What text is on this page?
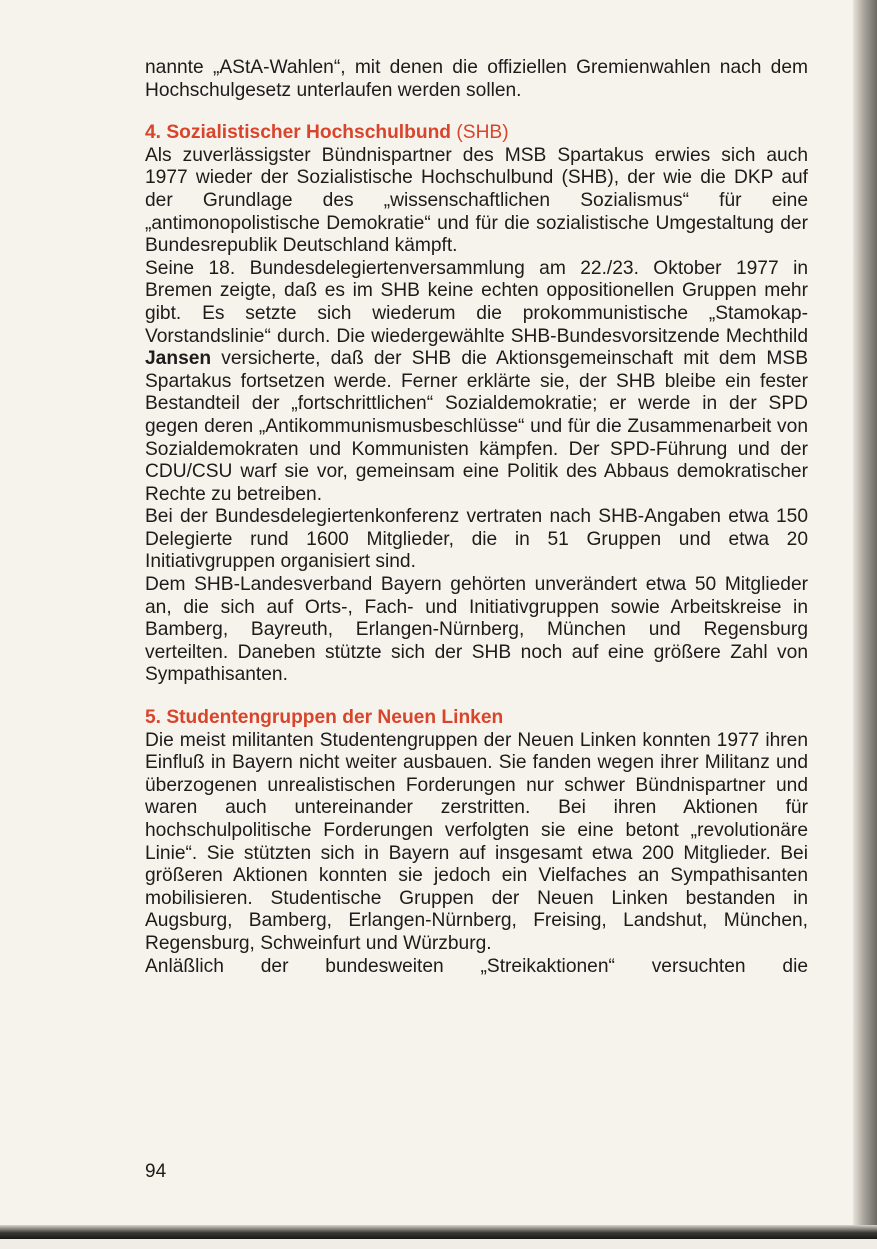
nannte „AStA-Wahlen“, mit denen die offiziellen Gremienwahlen nach dem Hochschulgesetz unterlaufen werden sollen.

4. Sozialistischer Hochschulbund (SHB)

Als zuverlässigster Bündnispartner des MSB Spartakus erwies sich auch 1977 wieder der Sozialistische Hochschulbund (SHB), der wie die DKP auf der Grundlage des „wissenschaftlichen Sozialismus“ für eine „antimonopolistische Demokratie“ und für die sozialistische Umgestaltung der Bundesrepublik Deutschland kämpft.

Seine 18. Bundesdelegiertenversammlung am 22./23. Oktober 1977 in Bremen zeigte, daß es im SHB keine echten oppositionellen Gruppen mehr gibt. Es setzte sich wiederum die prokommunistische „Stamokap-Vorstandslinie“ durch. Die wiedergewählte SHB-Bundesvorsitzende Mechthild Jansen versicherte, daß der SHB die Aktionsgemeinschaft mit dem MSB Spartakus fortsetzen werde. Ferner erklärte sie, der SHB bleibe ein fester Bestandteil der „fortschrittlichen“ Sozialdemokratie; er werde in der SPD gegen deren „Antikommunismusbeschlüsse“ und für die Zusammenarbeit von Sozialdemokraten und Kommunisten kämpfen. Der SPD-Führung und der CDU/CSU warf sie vor, gemeinsam eine Politik des Abbaus demokratischer Rechte zu betreiben.

Bei der Bundesdelegiertenkonferenz vertraten nach SHB-Angaben etwa 150 Delegierte rund 1600 Mitglieder, die in 51 Gruppen und etwa 20 Initiativgruppen organisiert sind.

Dem SHB-Landesverband Bayern gehörten unverändert etwa 50 Mitglieder an, die sich auf Orts-, Fach- und Initiativgruppen sowie Arbeitskreise in Bamberg, Bayreuth, Erlangen-Nürnberg, München und Regensburg verteilten. Daneben stützte sich der SHB noch auf eine größere Zahl von Sympathisanten.

5. Studentengruppen der Neuen Linken

Die meist militanten Studentengruppen der Neuen Linken konnten 1977 ihren Einfluß in Bayern nicht weiter ausbauen. Sie fanden wegen ihrer Militanz und überzogenen unrealistischen Forderungen nur schwer Bündnispartner und waren auch untereinander zerstritten. Bei ihren Aktionen für hochschulpolitische Forderungen verfolgten sie eine betont „revolutionäre Linie“. Sie stützten sich in Bayern auf insgesamt etwa 200 Mitglieder. Bei größeren Aktionen konnten sie jedoch ein Vielfaches an Sympathisanten mobilisieren. Studentische Gruppen der Neuen Linken bestanden in Augsburg, Bamberg, Erlangen-Nürnberg, Freising, Landshut, München, Regensburg, Schweinfurt und Würzburg.

Anläßlich der bundesweiten „Streikaktionen“ versuchten die

94
